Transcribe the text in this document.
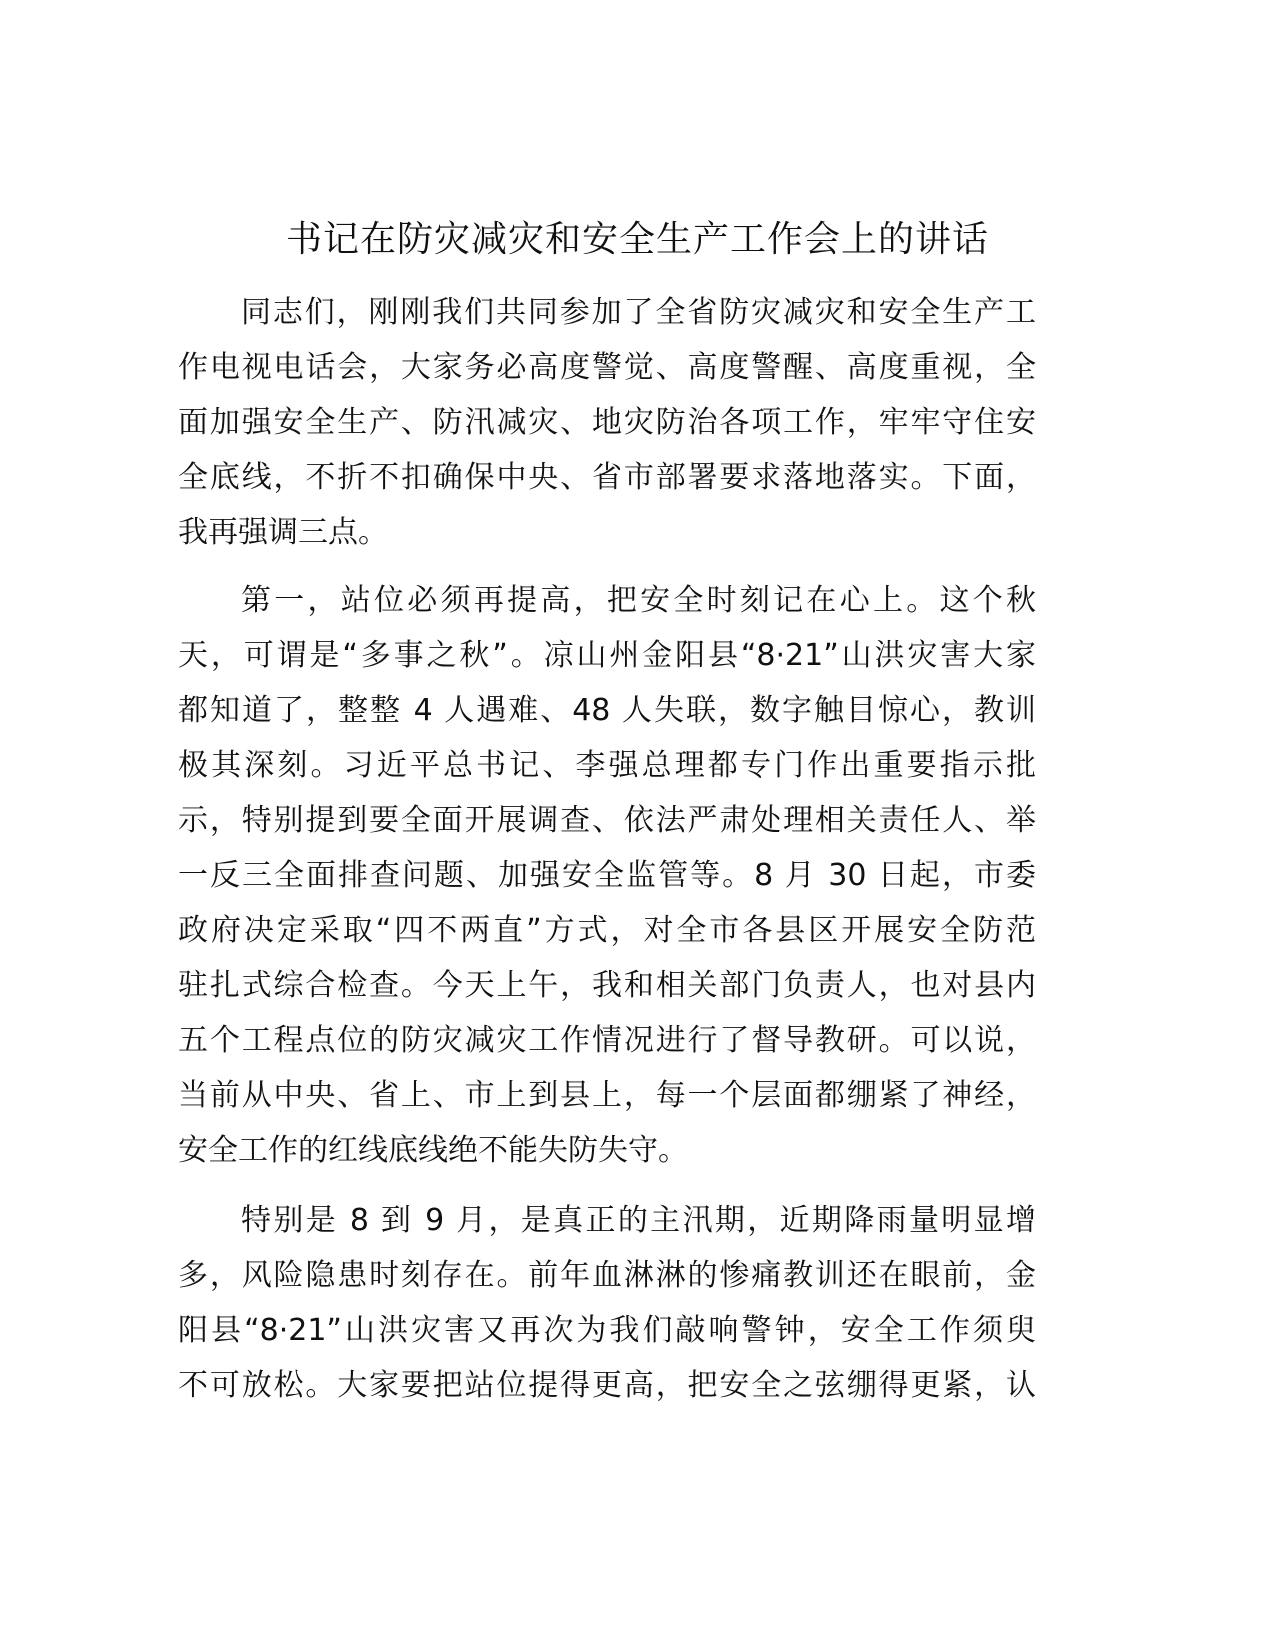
书记在防灾减灾和安全生产工作会上的讲话
同志们，刚刚我们共同参加了全省防灾减灾和安全生产工
作电视电话会，大家务必高度警觉、高度警醒、高度重视，全
面加强安全生产、防汛减灾、地灾防治各项工作，牢牢守住安
全底线，不折不扣确保中央、省市部署要求落地落实。下面，
我再强调三点。
第一，站位必须再提高，把安全时刻记在心上。这个秋
天，可谓是“多事之秋”。凉山州金阳县“8·21”山洪灾害大家
都知道了，整整 4 人遇难、48 人失联，数字触目惊心，教训
极其深刻。习近平总书记、李强总理都专门作出重要指示批
示，特别提到要全面开展调查、依法严肃处理相关责任人、举
一反三全面排查问题、加强安全监管等。8 月 30 日起，市委
政府决定采取“四不两直”方式，对全市各县区开展安全防范
驻扎式综合检查。今天上午，我和相关部门负责人，也对县内
五个工程点位的防灾减灾工作情况进行了督导教研。可以说，
当前从中央、省上、市上到县上，每一个层面都绷紧了神经，
安全工作的红线底线绝不能失防失守。
特别是 8 到 9 月，是真正的主汛期，近期降雨量明显增
多，风险隐患时刻存在。前年血淋淋的惨痛教训还在眼前，金
阳县“8·21”山洪灾害又再次为我们敲响警钟，安全工作须臾
不可放松。大家要把站位提得更高，把安全之弦绷得更紧，认
